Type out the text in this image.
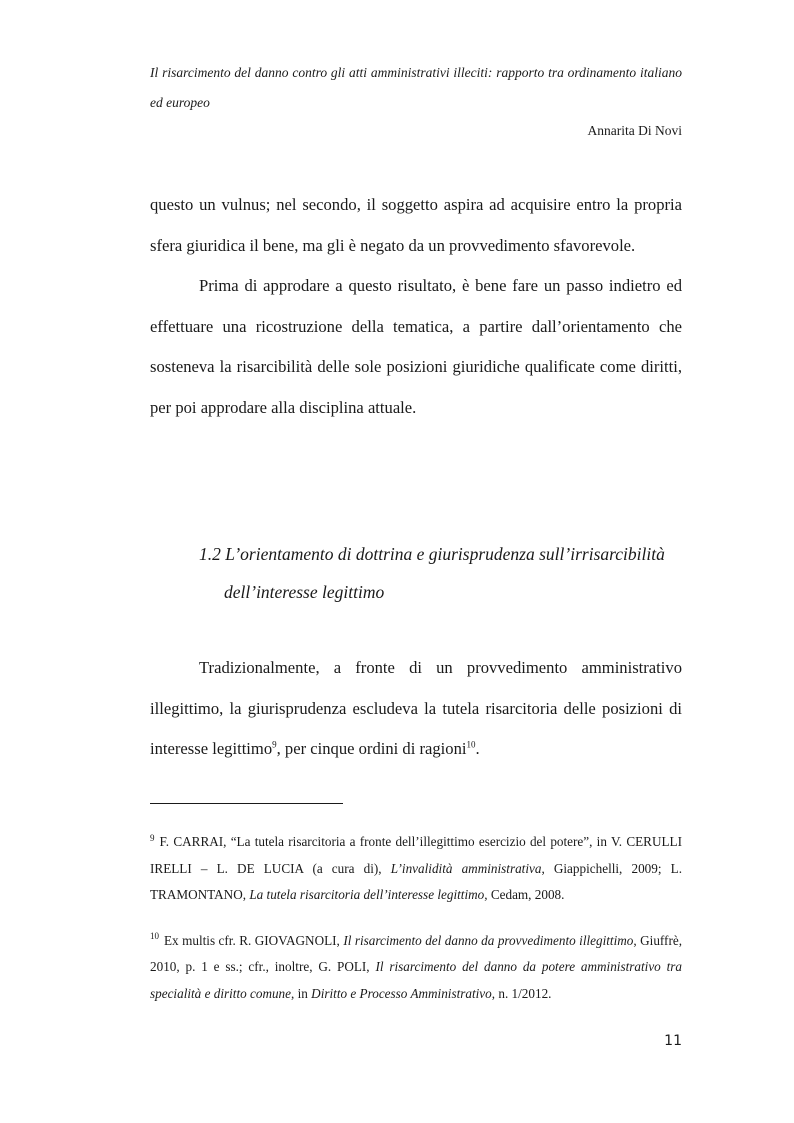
Il risarcimento del danno contro gli atti amministrativi illeciti: rapporto tra ordinamento italiano ed europeo
Annarita Di Novi

questo un vulnus; nel secondo, il soggetto aspira ad acquisire entro la propria sfera giuridica il bene, ma gli è negato da un provvedimento sfavorevole.

Prima di approdare a questo risultato, è bene fare un passo indietro ed effettuare una ricostruzione della tematica, a partire dall’orientamento che sosteneva la risarcibilità delle sole posizioni giuridiche qualificate come diritti, per poi approdare alla disciplina attuale.

1.2 L’orientamento di dottrina e giurisprudenza sull’irrisarcibilità
dell’interesse legittimo

Tradizionalmente, a fronte di un provvedimento amministrativo illegittimo, la giurisprudenza escludeva la tutela risarcitoria delle posizioni di interesse legittimo$^9$, per cinque ordini di ragioni$^{10}$.

$^9$ F. CARRAI, “La tutela risarcitoria a fronte dell’illegittimo esercizio del potere”, in V. CERULLI IRELLI – L. DE LUCIA (a cura di), L’invalidità amministrativa, Giappichelli, 2009; L. TRAMONTANO, La tutela risarcitoria dell’interesse legittimo, Cedam, 2008.

$^{10}$ Ex multis cfr. R. GIOVAGNOLI, Il risarcimento del danno da provvedimento illegittimo, Giuffrè, 2010, p. 1 e ss.; cfr., inoltre, G. POLI, Il risarcimento del danno da potere amministrativo tra specialità e diritto comune, in Diritto e Processo Amministrativo, n. 1/2012.

11
